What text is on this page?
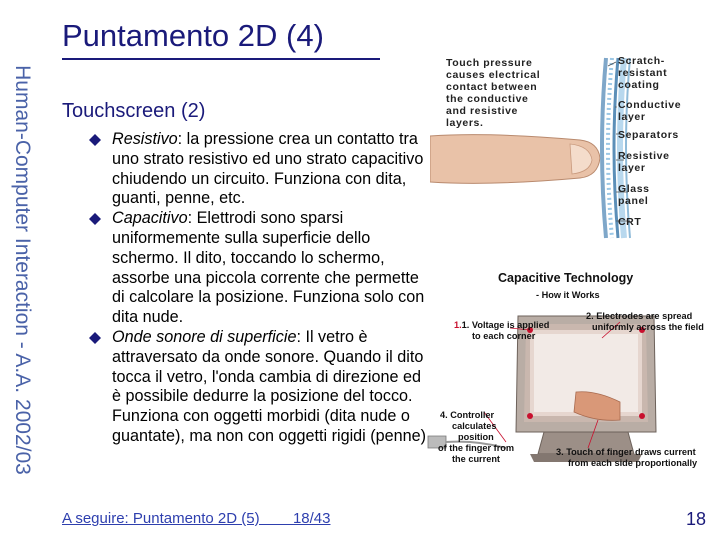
Human-Computer Interaction - A.A. 2002/03
Puntamento 2D (4)
Touchscreen (2)
Resistivo: la pressione crea un contatto tra uno strato resistivo ed uno strato capacitivo chiudendo un circuito. Funziona con dita, guanti, penne, etc.
Capacitivo: Elettrodi sono sparsi uniformemente sulla superficie dello schermo. Il dito, toccando lo schermo, assorbe una piccola corrente che permette di calcolare la posizione. Funziona solo con dita nude.
Onde sonore di superficie: Il vetro è attraversato da onde sonore. Quando il dito tocca il vetro, l'onda cambia di direzione ed è possibile dedurre la posizione del tocco. Funziona con oggetti morbidi (dita nude o guantate), ma non con oggetti rigidi (penne)
Touch pressure
causes electrical
contact between
the conductive
and resistive
layers.
Scratch-
resistant
coating
Conductive
layer
Separators
Resistive
layer
Glass
panel
CRT
Capacitive Technology
- How it Works
1.1. Voltage is applied
to each corner
2. Electrodes are spread
uniformly across the field
4. Controller
calculates
position
of the finger from
the current
3. Touch of finger draws current
from each side proportionally
A seguire: Puntamento 2D (5)        18/43	18
